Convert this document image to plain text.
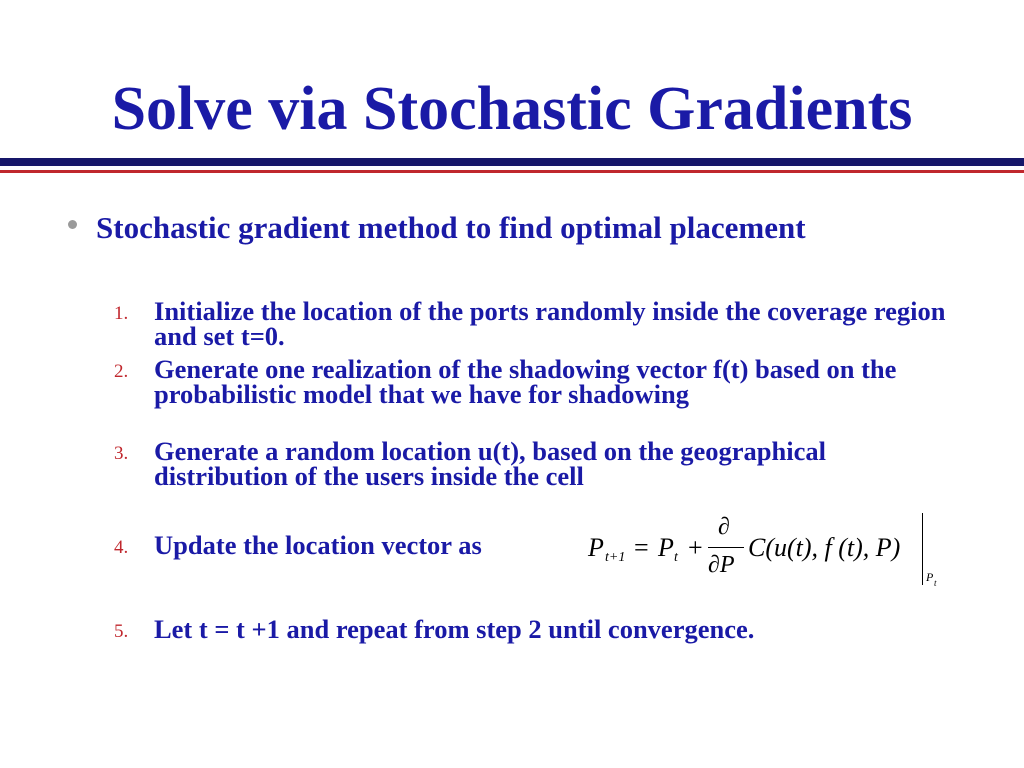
Solve via Stochastic Gradients
Stochastic gradient method to find optimal placement
1. Initialize the location of the ports randomly inside the coverage region and set t=0.
2. Generate one realization of the shadowing vector f(t) based on the probabilistic model that we have for shadowing
3. Generate a random location u(t), based on the geographical distribution of the users inside the cell
4. Update the location vector as	P t+1 = P t +
∂
∂P
C(u(t), f (t), P)
P t
5. Let t = t +1 and repeat from step 2 until convergence.
